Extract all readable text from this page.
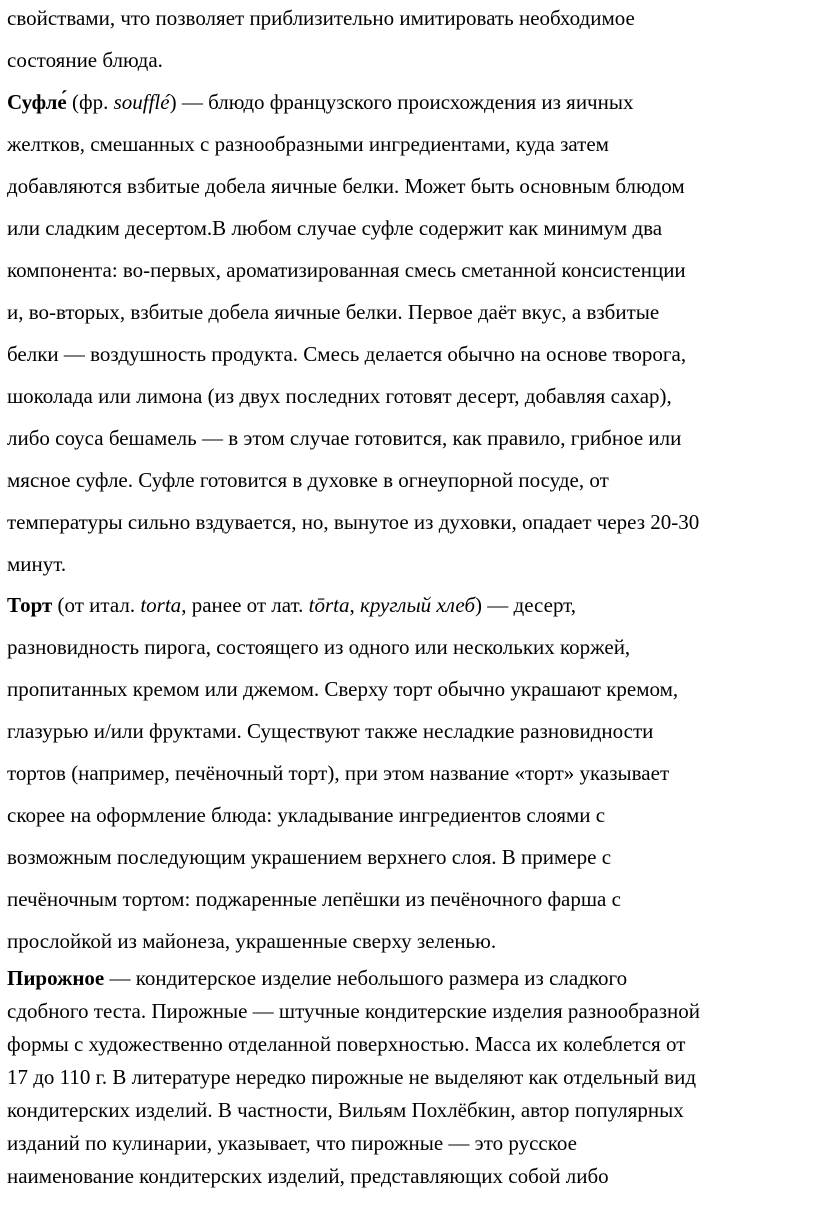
свойствами, что позволяет приблизительно имитировать необходимое
состояние блюда.
Суфле́ (фр. soufflé) — блюдо французского происхождения из яичных
желтков, смешанных с разнообразными ингредиентами, куда затем
добавляются взбитые добела яичные белки. Может быть основным блюдом
или сладким десертом.В любом случае суфле содержит как минимум два
компонента: во-первых, ароматизированная смесь сметанной консистенции
и, во-вторых, взбитые добела яичные белки. Первое даёт вкус, а взбитые
белки — воздушность продукта. Смесь делается обычно на основе творога,
шоколада или лимона (из двух последних готовят десерт, добавляя сахар),
либо соуса бешамель — в этом случае готовится, как правило, грибное или
мясное суфле. Суфле готовится в духовке в огнеупорной посуде, от
температуры сильно вздувается, но, вынутое из духовки, опадает через 20-30
минут.
Торт (от итал. torta, ранее от лат. tōrta, круглый хлеб) — десерт,
разновидность пирога, состоящего из одного или нескольких коржей,
пропитанных кремом или джемом. Сверху торт обычно украшают кремом,
глазурью и/или фруктами. Существуют также несладкие разновидности
тортов (например, печёночный торт), при этом название «торт» указывает
скорее на оформление блюда: укладывание ингредиентов слоями с
возможным последующим украшением верхнего слоя. В примере с
печёночным тортом: поджаренные лепёшки из печёночного фарша с
прослойкой из майонеза, украшенные сверху зеленью.
Пирожное — кондитерское изделие небольшого размера из сладкого
сдобного теста. Пирожные — штучные кондитерские изделия разнообразной
формы с художественно отделанной поверхностью. Масса их колеблется от
17 до 110 г. В литературе нередко пирожные не выделяют как отдельный вид
кондитерских изделий. В частности, Вильям Похлёбкин, автор популярных
изданий по кулинарии, указывает, что пирожные — это русское
наименование кондитерских изделий, представляющих собой либо
